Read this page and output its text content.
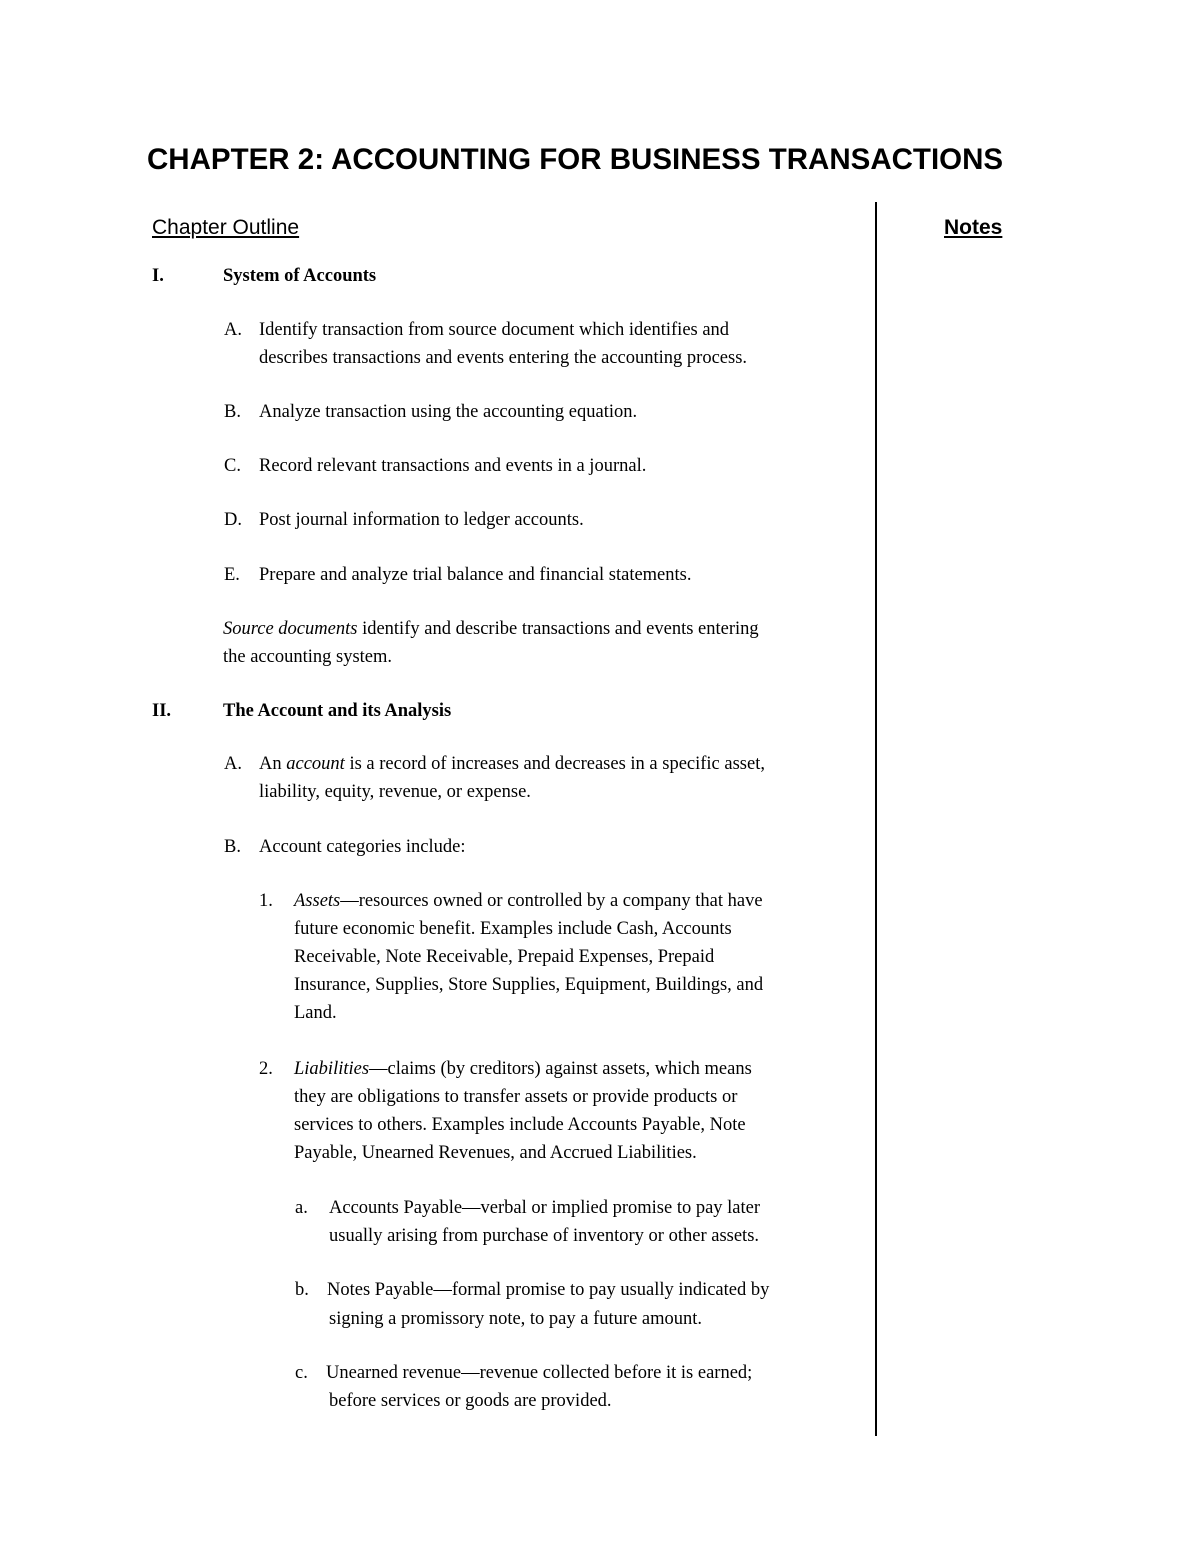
CHAPTER 2: ACCOUNTING FOR BUSINESS TRANSACTIONS
Chapter Outline	Notes
I.	System of Accounts
A. Identify transaction from source document which identifies and
describes transactions and events entering the accounting process.
B. Analyze transaction using the accounting equation.
C. Record relevant transactions and events in a journal.
D. Post journal information to ledger accounts.
E. Prepare and analyze trial balance and financial statements.
Source documents identify and describe transactions and events entering
the accounting system.
II.	The Account and its Analysis
A. An account is a record of increases and decreases in a specific asset,
liability, equity, revenue, or expense.
B. Account categories include:
1. Assets—resources owned or controlled by a company that have
future economic benefit. Examples include Cash, Accounts
Receivable, Note Receivable, Prepaid Expenses, Prepaid
Insurance, Supplies, Store Supplies, Equipment, Buildings, and
Land.
2. Liabilities—claims (by creditors) against assets, which means
they are obligations to transfer assets or provide products or
services to others. Examples include Accounts Payable, Note
Payable, Unearned Revenues, and Accrued Liabilities.
a. Accounts Payable—verbal or implied promise to pay later
usually arising from purchase of inventory or other assets.
b. Notes Payable—formal promise to pay usually indicated by
signing a promissory note, to pay a future amount.
c. Unearned revenue—revenue collected before it is earned;
before services or goods are provided.
